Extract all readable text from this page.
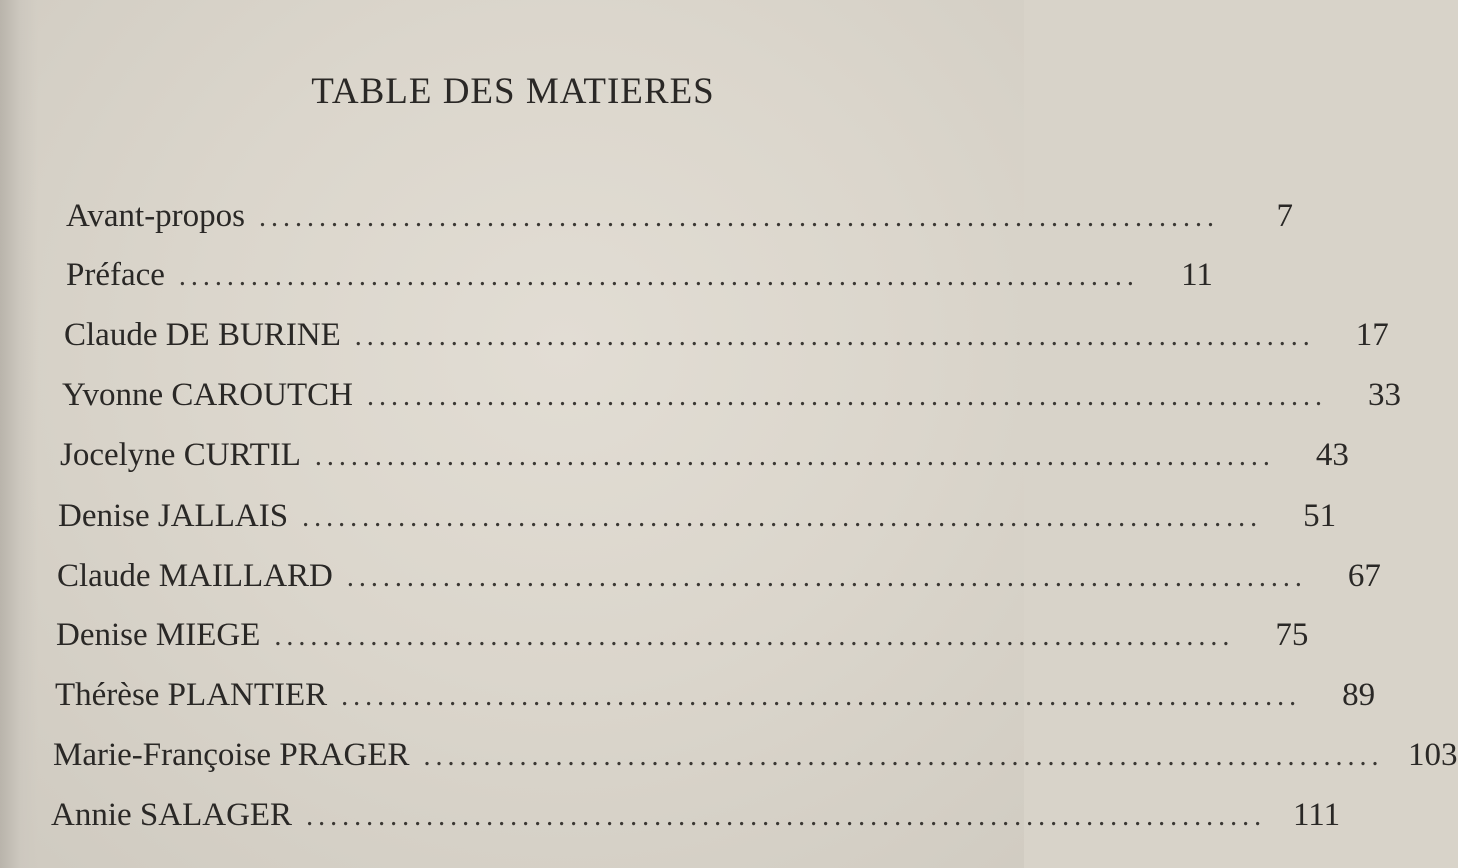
TABLE DES MATIERES
Avant-propos ................................................................................	7
Préface ................................................................................	11
Claude DE BURINE ................................................................................	17
Yvonne CAROUTCH ................................................................................	33
Jocelyne CURTIL ................................................................................	43
Denise JALLAIS ................................................................................	51
Claude MAILLARD ................................................................................	67
Denise MIEGE ................................................................................	75
Thérèse PLANTIER ................................................................................	89
Marie-Françoise PRAGER ................................................................................ 103
Annie SALAGER ................................................................................ 111
